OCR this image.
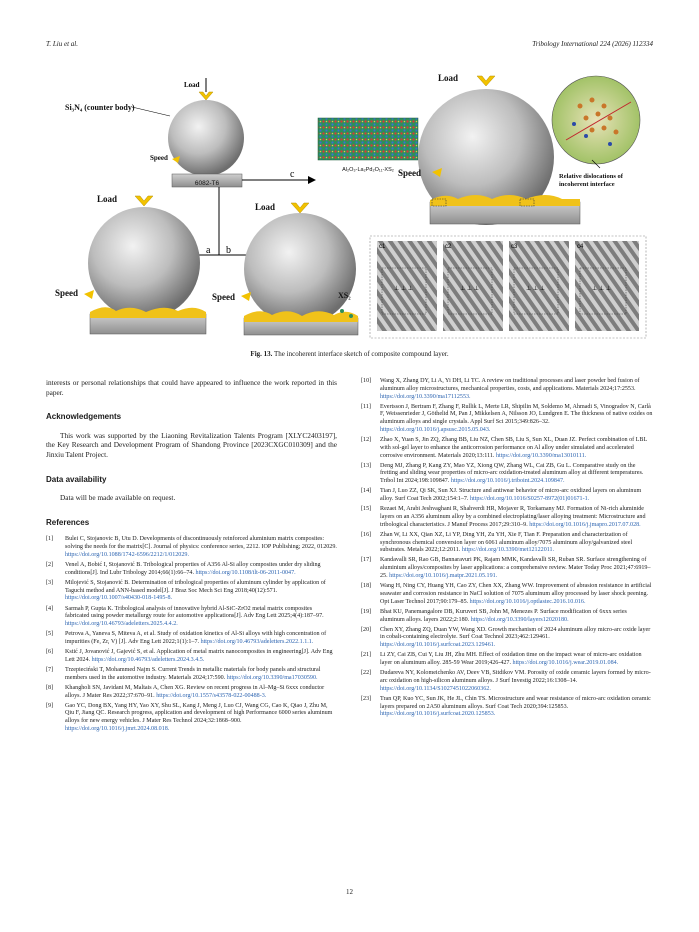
T. Liu et al.	Tribology International 224 (2026) 112334
Load
Si₃N₄ (counter body)
Speed
6082-T6
a b
c
Load
Speed
Load
Speed	XS₂
Al₂O₃-La₂Pd₂O₁₁-XS₂
Load
Speed	Relative dislocations of incoherent interface
c1
⊥ ⊥ ⊥
c2
⊥ ⊥ ⊥
c3
⊥ ⊥ ⊥
c4
⊥ ⊥ ⊥
Fig. 13. The incoherent interface sketch of composite compound layer.

interests or personal relationships that could have appeared to influence the work reported in this paper.

Acknowledgements

This work was supported by the Liaoning Revitalization Talents Program [XLYC2403197], the Key Research and Development Program of Shandong Province [2023CXGC010309] and the Jinxiu Talent Project.

Data availability

Data will be made available on request.

References
[1] Bulei C, Stojanovic B, Utu D. Developments of discontinuously reinforced aluminium matrix composites: solving the needs for the matrix[C]. Journal of physics: conference series, 2212. IOP Publishing; 2022, 012029. https://doi.org/10.1088/1742-6596/2212/1/012029.
[2] Venel A, Bobić I, Stojanović B. Tribological properties of A356 Al-Si alloy composites under dry sliding conditions[J]. Ind Lubr Tribology 2014;66(1):66–74. https://doi.org/10.1108/ilt-06-2011-0047.
[3] Milojević S, Stojanović B. Determination of tribological properties of aluminum cylinder by application of Taguchi method and ANN-based model[J]. J Braz Soc Mech Sci Eng 2018;40(12):571. https://doi.org/10.1007/s40430-018-1495-8.
[4] Sarmah P, Gupta K. Tribological analysis of innovative hybrid Al-SiC-ZrO2 metal matrix composites fabricated using powder metallurgy route for automotive applications[J]. Adv Eng Lett 2025;4(4):187–97. https://doi.org/10.46793/adeletters.2025.4.4.2.
[5] Petrova A, Yaneva S, Miteva A, et al. Study of oxidation kinetics of Al-Si alloys with high concentration of impurities (Fe, Zr, V) [J]. Adv Eng Lett 2022;1(1):1–7. https://doi.org/10.46793/adeletters.2022.1.1.1.
[6] Kstić J, Jovanović J, Gajević S, et al. Application of metal matrix nanocomposites in engineering[J]. Adv Eng Lett 2024. https://doi.org/10.46793/adeletters.2024.3.4.5.
[7] Trzepieciński T, Mohammed Najm S. Current Trends in metallic materials for body panels and structural members used in the automotive industry. Materials 2024;17:590. https://doi.org/10.3390/ma17030590.
[8] Khangholi SN, Javidani M, Maltais A, Chen XG. Review on recent progress in Al–Mg–Si 6xxx conductor alloys. J Mater Res 2022;37:670–91. https://doi.org/10.1557/s43578-022-00488-3.
[9] Gao YC, Dong BX, Yang HY, Yao XY, Shu SL, Kang J, Meng J, Luo CJ, Wang CG, Cao K, Qiao J, Zhu M, Qiu F, Jiang QC. Research progress, application and development of high Performance 6000 series aluminum alloys for new energy vehicles. J Mater Res Technol 2024;32:1868–900. https://doi.org/10.1016/j.jmrt.2024.08.018.
[10] Wang X, Zhang DY, Li A, Yi DH, Li TC. A review on traditional processes and laser powder bed fusion of aluminum alloy microstructures, mechanical properties, costs, and applications. Materials 2024;17:2553. https://doi.org/10.3390/ma17112553.
[11] Evertsson J, Bertram F, Zhang F, Rullik L, Merte LR, Shipilin M, Soldemo M, Ahmadi S, Vinogradov N, Carlà F, Weissenrieder J, Göthelid M, Pan J, Mikkelsen A, Nilsson JO, Lundgren E. The thickness of native oxides on aluminum alloys and single crystals. Appl Surf Sci 2015;349:826–32. https://doi.org/10.1016/j.apsusc.2015.05.043.
[12] Zhao X, Yuan S, Jin ZQ, Zhang BB, Liu NZ, Chen SB, Liu S, Sun XL, Duan JZ. Perfect combination of LBL with sol-gel layer to enhance the anticorrosion performance on Al alloy under simulated and accelerated corrosive environment. Materials 2020;13:111. https://doi.org/10.3390/ma13010111.
[13] Deng MJ, Zhang P, Kang ZY, Mao YZ, Xiong QW, Zhang WL, Cai ZB, Gu L. Comparative study on the fretting and sliding wear properties of micro-arc oxidation-treated aluminum alloy at different temperatures. Tribol Int 2024;198:109847. https://doi.org/10.1016/j.triboint.2024.109847.
[14] Tian J, Luo ZZ, Qi SK, Sun XJ. Structure and antiwear behavior of micro-arc oxidized layers on aluminum alloy. Surf Coat Tech 2002;154:1–7. https://doi.org/10.1016/S0257-8972(01)01671-1.
[15] Rezaei M, Arabi Jeshvaghani R, Shahverdi HR, Mojaver R, Torkamany MJ. Formation of Ni-rich aluminide layers on an A356 aluminum alloy by a combined electroplating/laser alloying treatment: Microstructure and tribological characteristics. J Manuf Process 2017;29:310–9. https://doi.org/10.1016/j.jmapro.2017.07.028.
[16] Zhan W, Li XX, Qian XZ, Li YP, Ding YH, Zu YH, Xie F, Tian F. Preparation and characterization of synchronous chemical conversion layer on 6061 aluminum alloy/7075 aluminum alloy/galvanized steel substrates. Metals 2022;12:2011. https://doi.org/10.3390/met12122011.
[17] Kandavalli SR, Rao GB, Bannaravuri PK, Rajam MMK, Kandavalli SR, Ruban SR. Surface strengthening of aluminium alloys/composites by laser applications: a comprehensive review. Mater Today Proc 2021;47:6919–25. https://doi.org/10.1016/j.matpr.2021.05.191.
[18] Wang H, Ning CY, Huang YH, Cao ZY, Chen XX, Zhang WW. Improvement of abrasion resistance in artificial seawater and corrosion resistance in NaCl solution of 7075 aluminum alloy processed by laser shock peening. Opt Laser Technol 2017;90:179–85. https://doi.org/10.1016/j.optlastec.2016.10.016.
[19] Bhat KU, Panemangalore DB, Kuruveri SB, John M, Menezes P. Surface modification of 6xxx series aluminum alloys. layers 2022;2:180. https://doi.org/10.3390/layers12020180.
[20] Chen XY, Zhang ZQ, Duan YW, Wang XD. Growth mechanism of 2024 aluminum alloy micro-arc oxide layer in cobalt-containing electrolyte. Surf Coat Technol 2023;462:129461. https://doi.org/10.1016/j.surfcoat.2023.129461.
[21] Li ZY, Cai ZB, Cui Y, Liu JH, Zhu MH. Effect of oxidation time on the impact wear of micro-arc oxidation layer on aluminum alloy. 285-59 Wear 2019;426-427. https://doi.org/10.1016/j.wear.2019.01.084.
[22] Dudareva NY, Kolomeichenko AV, Deev VB, Sitdikov VM. Porosity of oxide ceramic layers formed by micro-arc oxidation on high-silicon aluminum alloys. J Surf Investig 2022;16:1308–14. https://doi.org/10.1134/S1027451022060362.
[23] Tran QP, Kuo YC, Sun JK, He JL, Chin TS. Microstructure and wear resistance of micro-arc oxidation ceramic layers prepared on 2A50 aluminum alloys. Surf Coat Tech 2020;394:125853. https://doi.org/10.1016/j.surfcoat.2020.125853.
12
